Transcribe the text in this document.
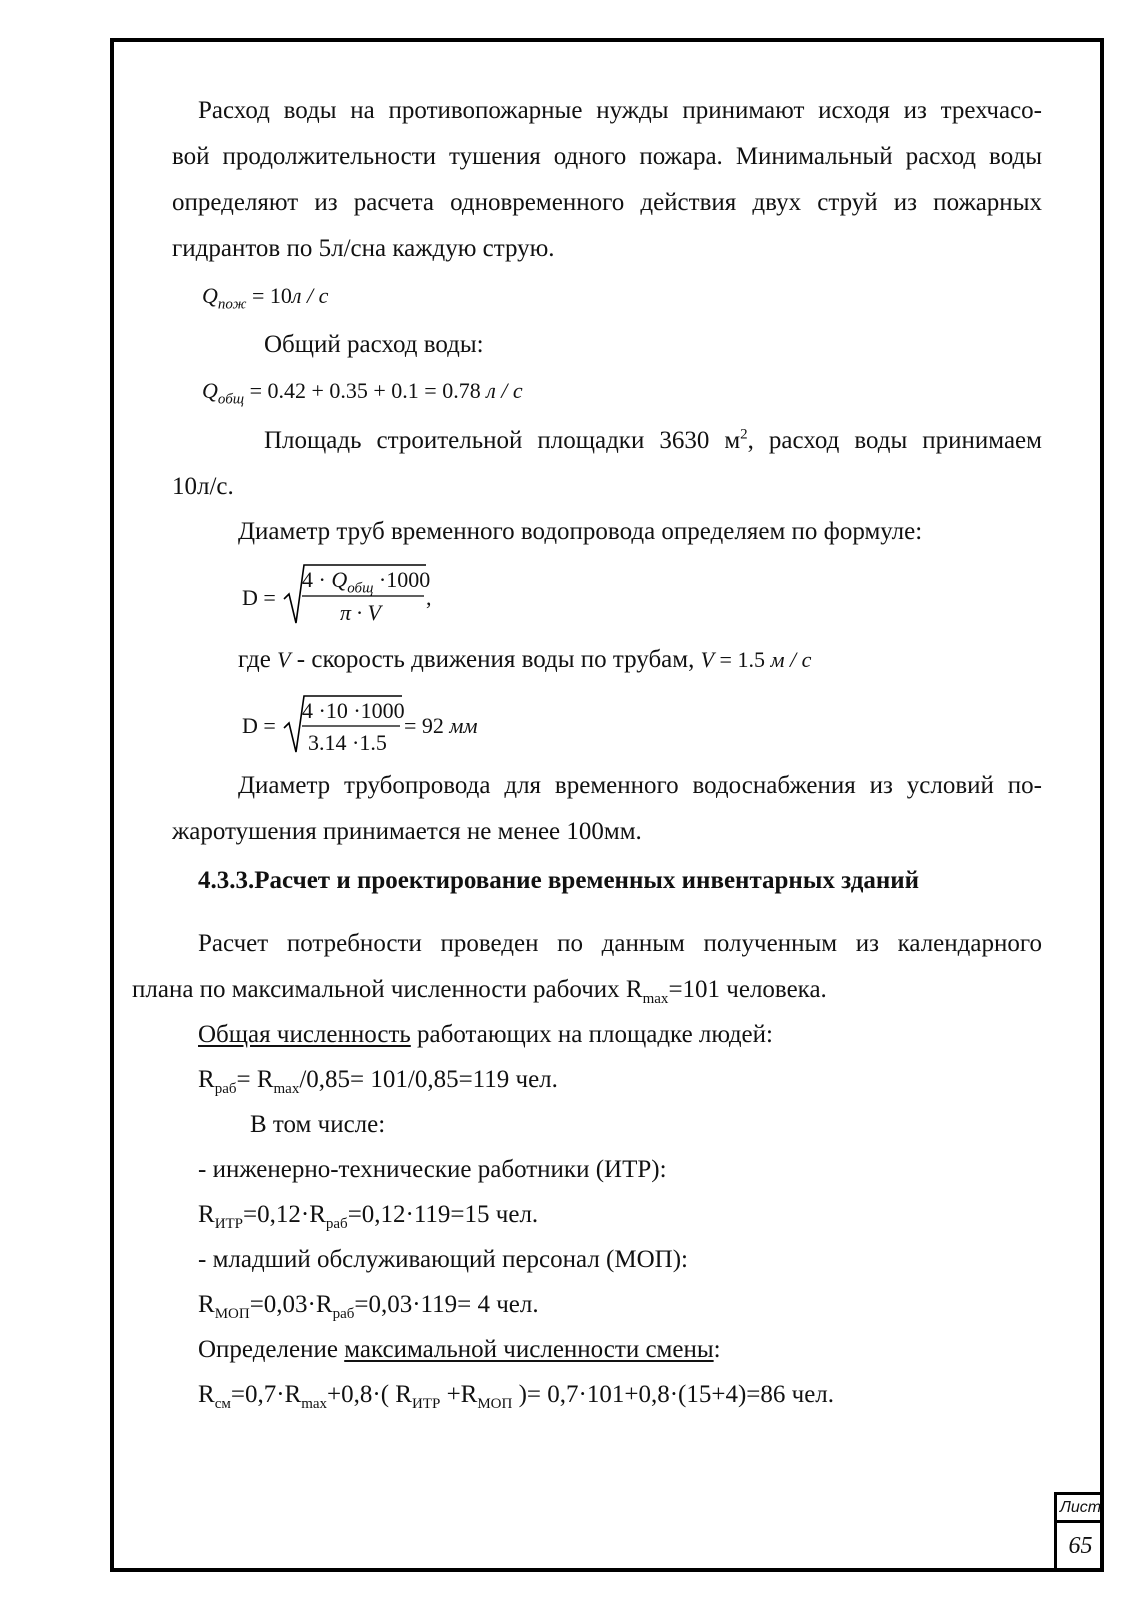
Расход воды на противопожарные нужды принимают исходя из трехчасо-
вой продолжительности тушения одного пожара. Минимальный расход воды
определяют из расчета одновременного действия двух струй из пожарных
гидрантов по 5л/сна каждую струю.
$Q_{пож} = 10л / с$
Общий расход воды:
$Q_{общ} = 0.42 + 0.35 + 0.1 = 0.78$ л / с
Площадь строительной площадки 3630 $м^2$, расход воды принимаем
10л/с.
Диаметр труб временного водопровода определяем по формуле:
D =
$4 \cdot Q_{общ} \cdot 1000$
π · V
,
где V - скорость движения воды по трубам, V = 1.5 м / с
D =
4 ·10 ·1000
3.14 ·1.5
= 92 мм
Диаметр трубопровода для временного водоснабжения из условий по-
жаротушения принимается не менее 100мм.
4.3.3.Расчет и проектирование временных инвентарных зданий
Расчет потребности проведен по данным полученным из календарного
плана по максимальной численности рабочих $R_{max}=101$ человека.
Общая численность работающих на площадке людей:
$R_{раб}= R_{max}/0,85= 101/0,85=119$ чел.
В том числе:
- инженерно-технические работники (ИТР):
$R_{ИТР}=0,12\cdot R_{раб}=0,12\cdot 119=15$ чел.
- младший обслуживающий персонал (МОП):
$R_{МОП}=0,03\cdot R_{раб}=0,03\cdot 119= 4$ чел.
Определение максимальной численности смены:
$R_{см}=0,7\cdot R_{max}+0,8\cdot$( $R_{ИТР} +R_{МОП}$ )= 0,7·101+0,8·(15+4)=86 чел.
Лист
65
